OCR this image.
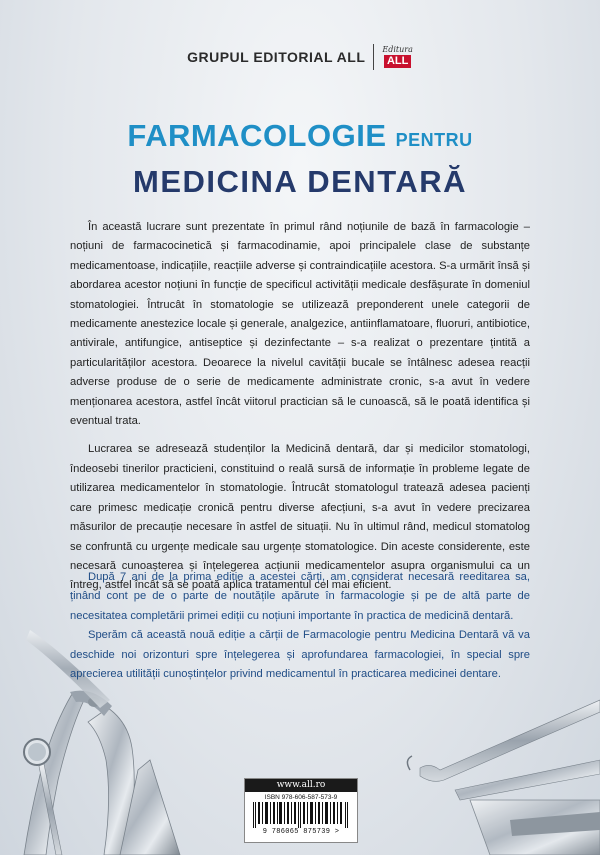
GRUPUL EDITORIAL ALL Editura
ALL
FARMACOLOGIE PENTRU
MEDICINA DENTARĂ

În această lucrare sunt prezentate în primul rând noțiunile de bază în farmacologie – noțiuni de farmacocinetică și farmacodinamie, apoi principalele clase de substanțe medicamentoase, indicațiile, reacțiile adverse și contraindicațiile acestora. S-a urmărit însă și abordarea acestor noțiuni în funcție de specificul activității medicale desfășurate în domeniul stomatologiei. Întrucât în stomatologie se utilizează preponderent unele categorii de medicamente anestezice locale și generale, analgezice, antiinflamatoare, fluoruri, antibiotice, antivirale, antifungice, antiseptice și dezinfectante – s-a realizat o prezentare țintită a particularităților acestora. Deoarece la nivelul cavității bucale se întâlnesc adesea reacții adverse produse de o serie de medicamente administrate cronic, s-a avut în vedere menționarea acestora, astfel încât viitorul practician să le cunoască, să le poată identifica și eventual trata.

Lucrarea se adresează studenților la Medicină dentară, dar și medicilor stomatologi, îndeosebi tinerilor practicieni, constituind o reală sursă de informație în probleme legate de utilizarea medicamentelor în stomatologie. Întrucât stomatologul tratează adesea pacienți care primesc medicație cronică pentru diverse afecțiuni, s-a avut în vedere precizarea măsurilor de precauție necesare în astfel de situații. Nu în ultimul rând, medicul stomatolog se confruntă cu urgențe medicale sau urgențe stomatologice. Din aceste considerente, este necesară cunoașterea și înțelegerea acțiunii medicamentelor asupra organismului ca un întreg, astfel încât să se poată aplica tratamentul cel mai eficient.

După 7 ani de la prima ediție a acestei cărți, am considerat necesară reeditarea sa, ținând cont pe de o parte de noutățile apărute în farmacologie și pe de altă parte de necesitatea completării primei ediții cu noțiuni importante în practica de medicină dentară.

Sperăm că această nouă ediție a cărții de Farmacologie pentru Medicina Dentară vă va deschide noi orizonturi spre înțelegerea și aprofundarea farmacologiei, în special spre aprecierea utilității cunoștințelor privind medicamentul în practicarea medicinei dentare.

www.all.ro
ISBN 978-606-587-573-9
9 786065 875739 >
